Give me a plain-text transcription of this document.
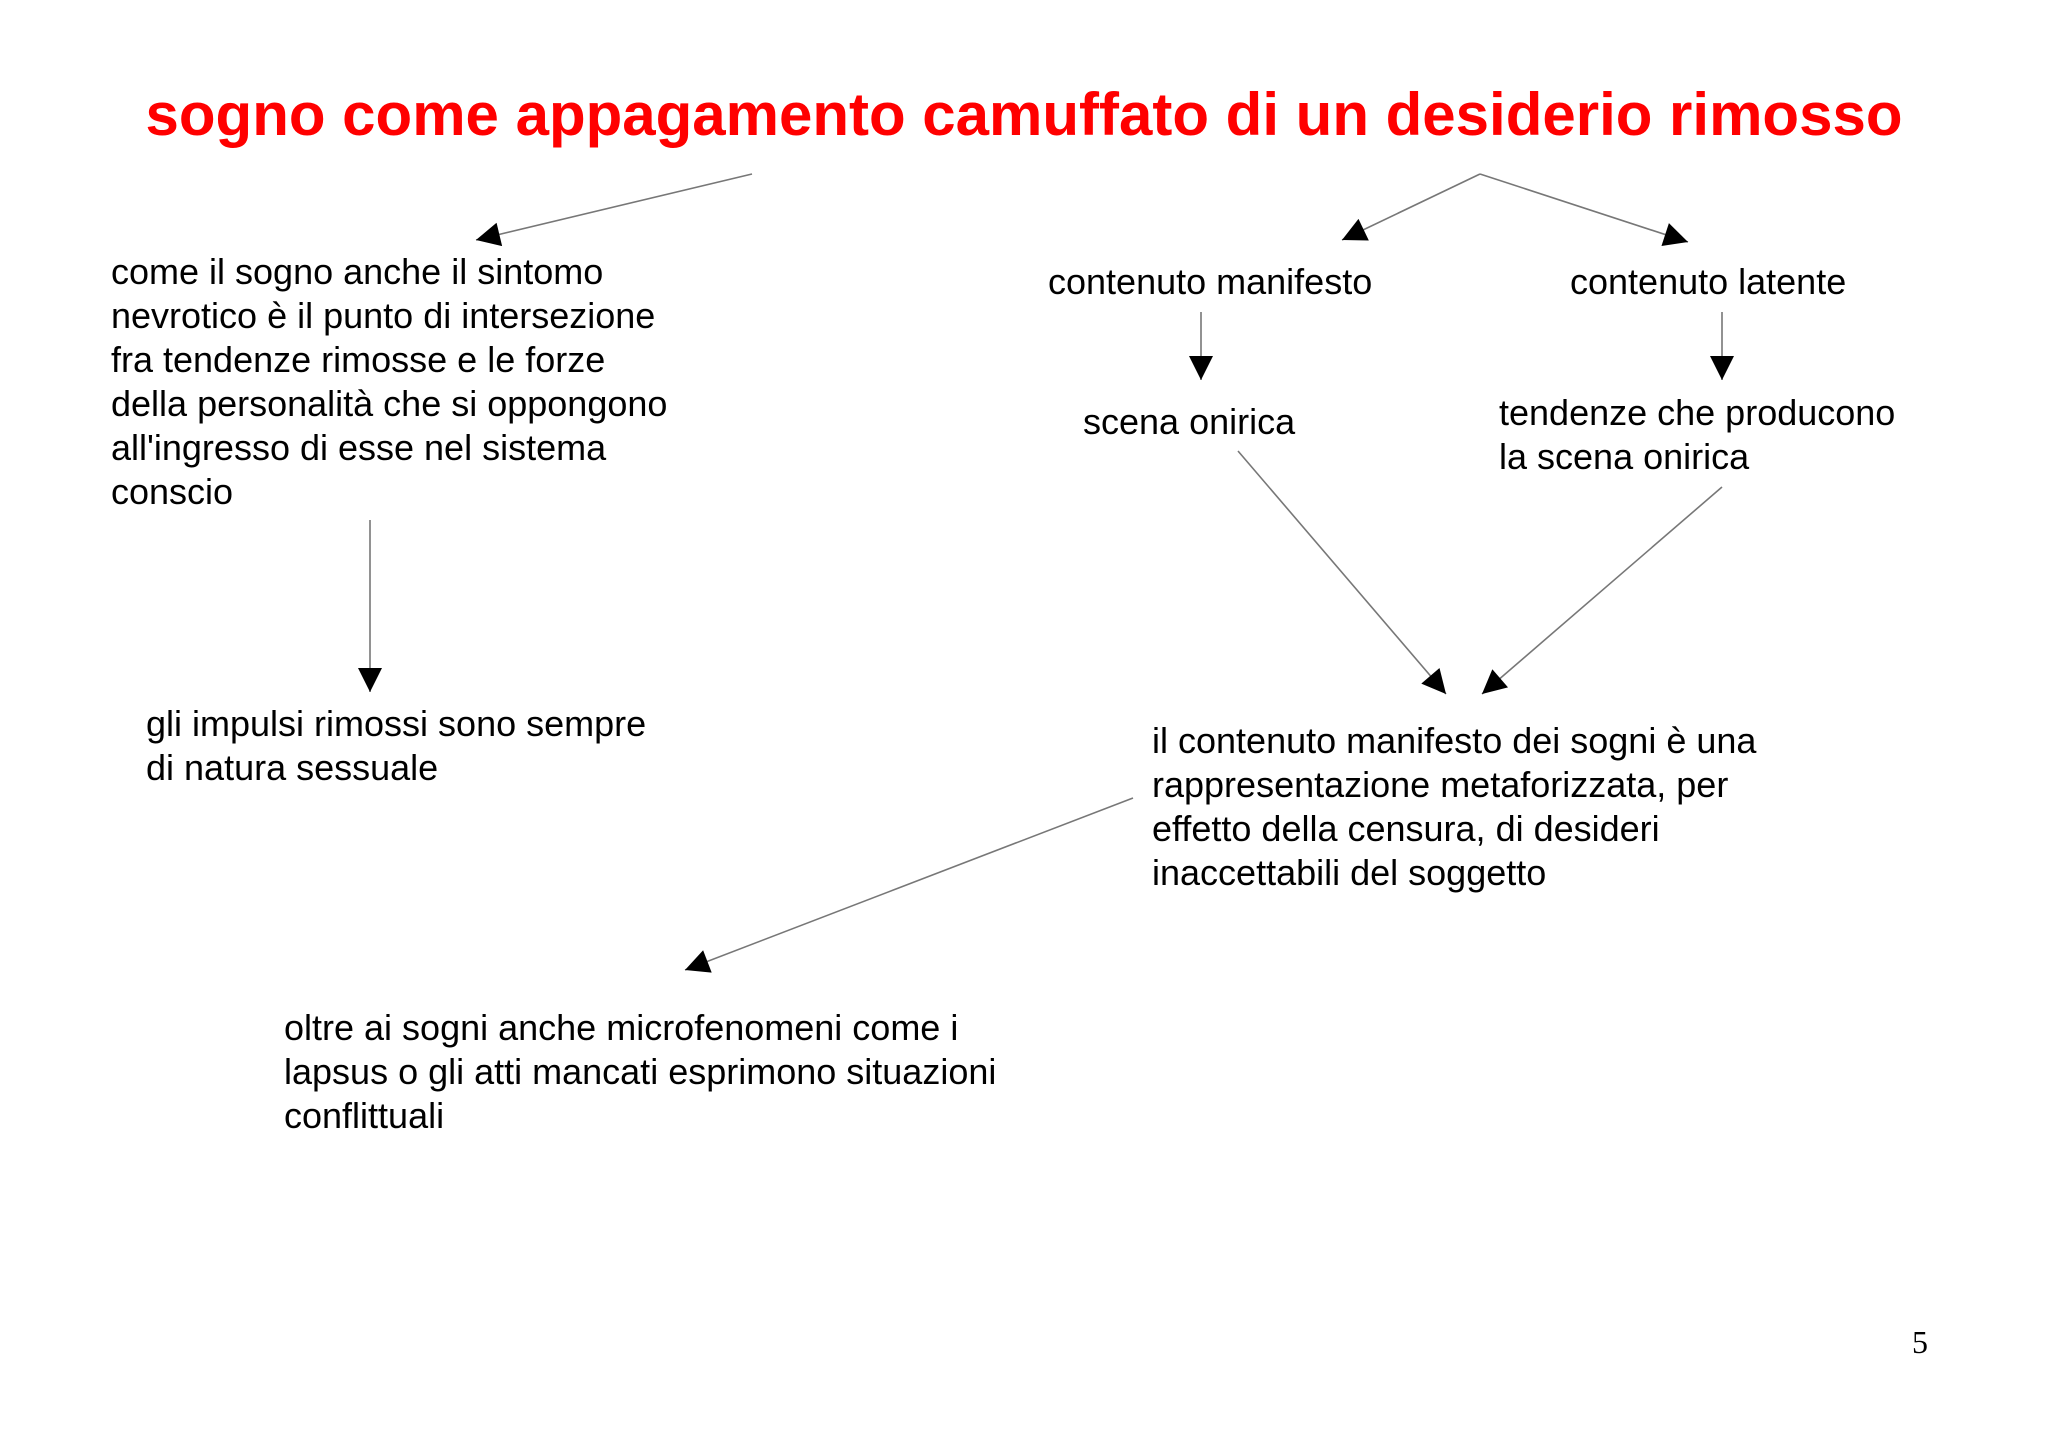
sogno come appagamento camuffato di un desiderio rimosso

come il sogno anche il sintomo
nevrotico è il punto di intersezione
fra tendenze rimosse e le forze
della personalità che si oppongono
all'ingresso di esse nel sistema
conscio

gli impulsi rimossi sono sempre
di natura sessuale

contenuto manifesto	contenuto latente

scena onirica	tendenze che producono
la scena onirica

il contenuto manifesto dei sogni è una
rappresentazione metaforizzata, per
effetto della censura, di desideri
inaccettabili del soggetto

oltre ai sogni anche microfenomeni come i
lapsus o gli atti mancati esprimono situazioni
conflittuali

5
